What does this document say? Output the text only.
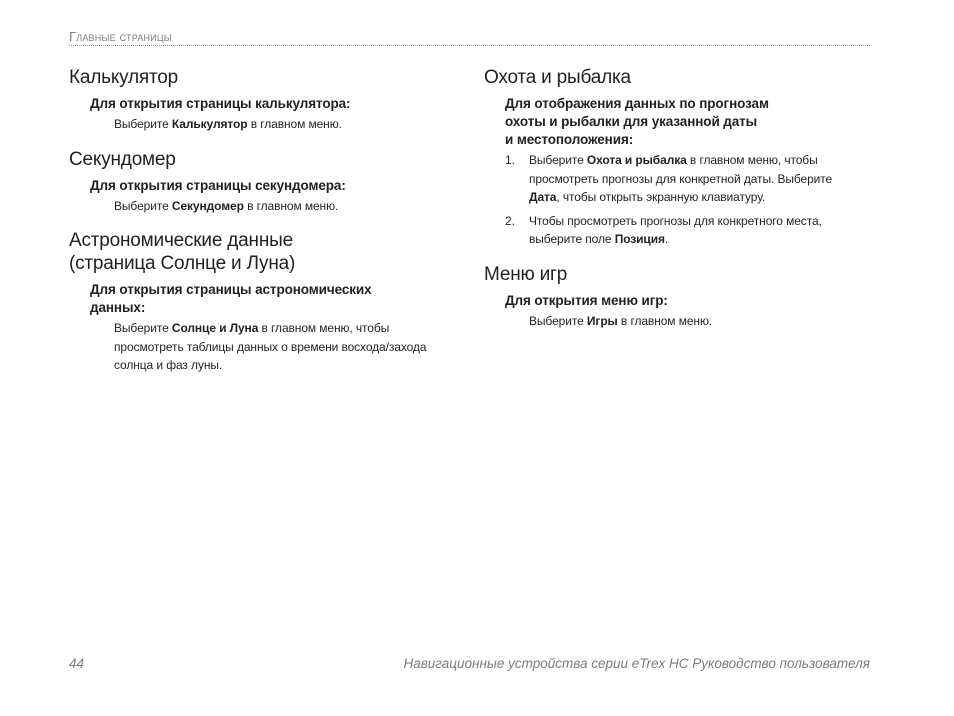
Главные страницы
Калькулятор
Для открытия страницы калькулятора:

Выберите Калькулятор в главном меню.

Секундомер
Для открытия страницы секундомера:

Выберите Секундомер в главном меню.

Астрономические данные
(страница Солнце и Луна)
Для открытия страницы астрономических
данных:

Выберите Солнце и Луна в главном меню, чтобы
просмотреть таблицы данных о времени восхода/захода
солнца и фаз луны.

Охота и рыбалка
Для отображения данных по прогнозам
охоты и рыбалки для указанной даты
и местоположения:
1. Выберите Охота и рыбалка в главном меню, чтобы
просмотреть прогнозы для конкретной даты. Выберите
Дата, чтобы открыть экранную клавиатуру.
2. Чтобы просмотреть прогнозы для конкретного места,
выберите поле Позиция.
Меню игр
Для открытия меню игр:

Выберите Игры в главном меню.

44	Навигационные устройства серии eTrex HC Руководство пользователя
